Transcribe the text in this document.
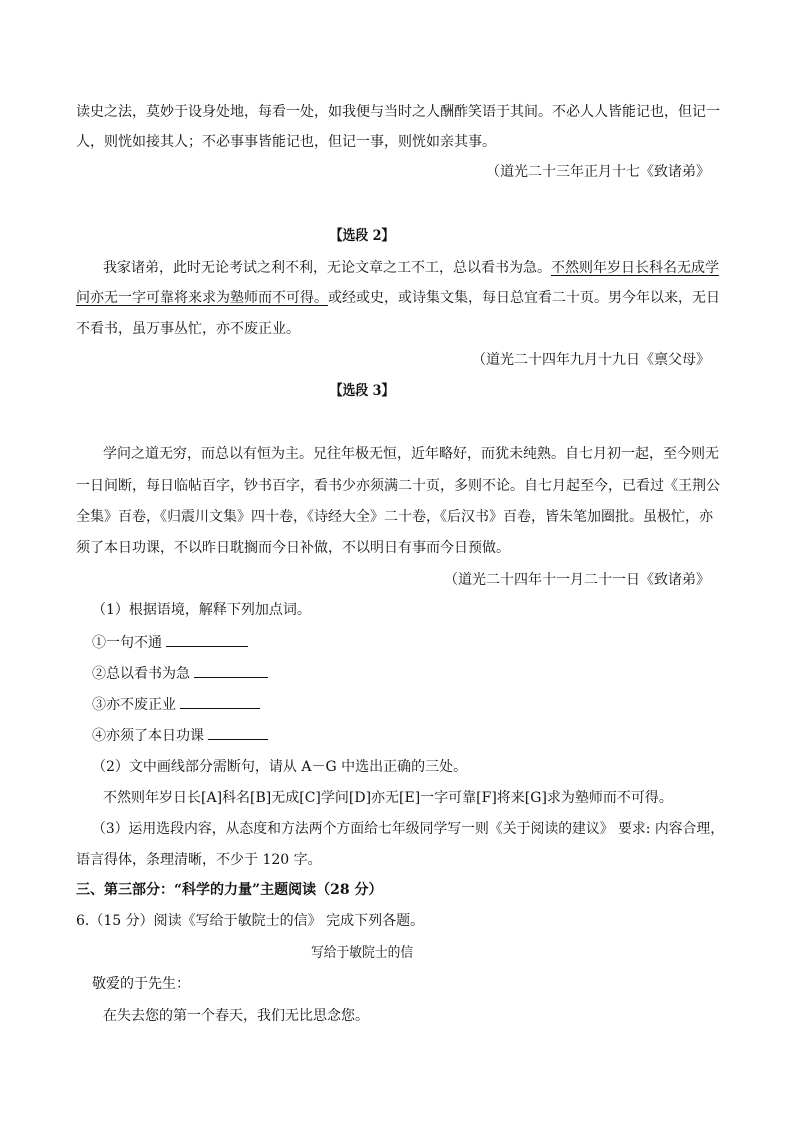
读史之法，莫妙于设身处地，每看一处，如我便与当时之人酬酢笑语于其间。不必人人皆能记也，但记一
人，则恍如接其人；不必事事皆能记也，但记一事，则恍如亲其事。
（道光二十三年正月十七《致诸弟》
【选段 2】
我家诸弟，此时无论考试之利不利，无论文章之工不工，总以看书为急。不然则年岁日长科名无成学
问亦无一字可靠将来求为塾师而不可得。或经或史，或诗集文集，每日总宜看二十页。男今年以来，无日
不看书，虽万事丛忙，亦不废正业。
（道光二十四年九月十九日《禀父母》
【选段 3】
学问之道无穷，而总以有恒为主。兄往年极无恒，近年略好，而犹未纯熟。自七月初一起，至今则无
一日间断，每日临帖百字，钞书百字，看书少亦须满二十页，多则不论。自七月起至今，已看过《王荆公
全集》百卷，《归震川文集》四十卷，《诗经大全》二十卷，《后汉书》百卷，皆朱笔加圈批。虽极忙，亦
须了本日功课，不以昨日耽搁而今日补做，不以明日有事而今日预做。
（道光二十四年十一月二十一日《致诸弟》
（1）根据语境，解释下列加点词。
①一句不通
②总以看书为急
③亦不废正业
④亦须了本日功课
（2）文中画线部分需断句，请从 A－G 中选出正确的三处。
不然则年岁日长[A]科名[B]无成[C]学问[D]亦无[E]一字可靠[F]将来[G]求为塾师而不可得。
（3）运用选段内容，从态度和方法两个方面给七年级同学写一则《关于阅读的建议》 要求: 内容合理，
语言得体，条理清晰，不少于 120 字。
三、第三部分：“科学的力量”主题阅读（28 分）
6.（15 分）阅读《写给于敏院士的信》 完成下列各题。
写给于敏院士的信
敬爱的于先生：
在失去您的第一个春天，我们无比思念您。
